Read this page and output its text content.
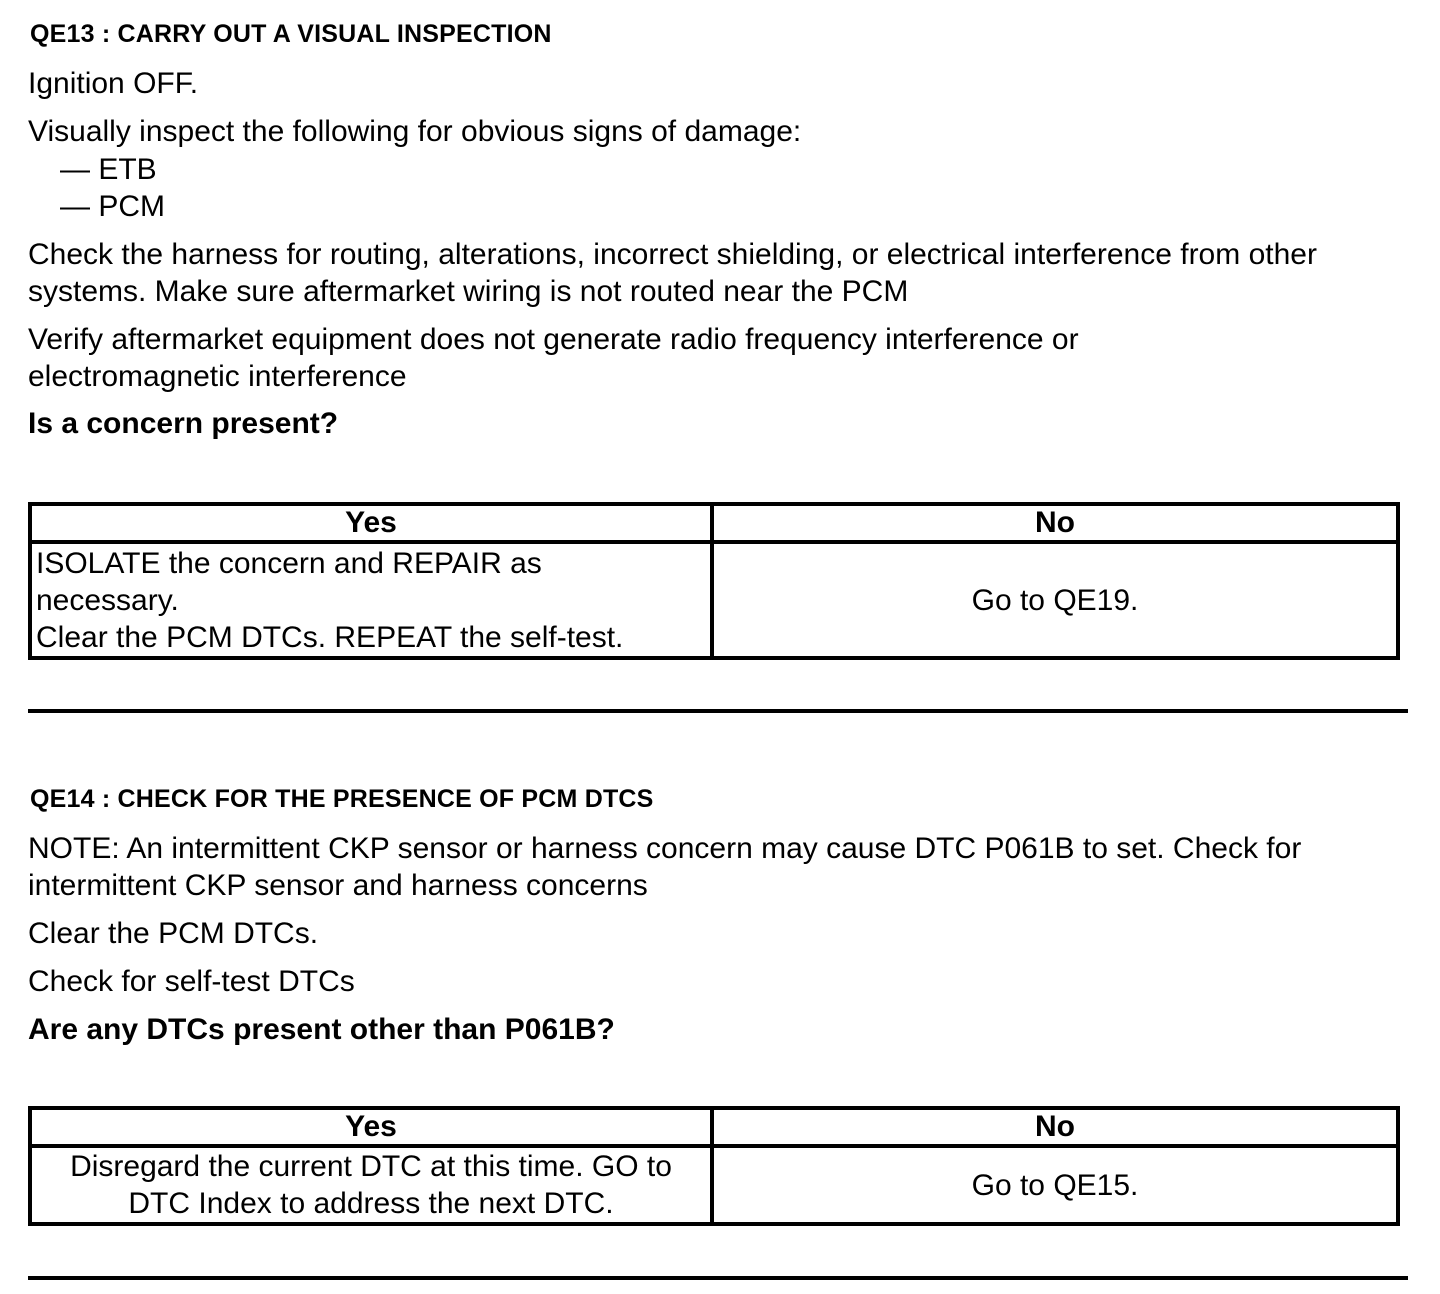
QE13 : CARRY OUT A VISUAL INSPECTION
Ignition OFF.
Visually inspect the following for obvious signs of damage:
— ETB
— PCM
Check the harness for routing, alterations, incorrect shielding, or electrical interference from other systems. Make sure aftermarket wiring is not routed near the PCM
Verify aftermarket equipment does not generate radio frequency interference or electromagnetic interference
Is a concern present?
Yes	No

ISOLATE the concern and REPAIR as necessary.
Clear the PCM DTCs. REPEAT the self-test.	Go to QE19.
QE14 : CHECK FOR THE PRESENCE OF PCM DTCS
NOTE: An intermittent CKP sensor or harness concern may cause DTC P061B to set. Check for intermittent CKP sensor and harness concerns
Clear the PCM DTCs.
Check for self-test DTCs
Are any DTCs present other than P061B?
Yes	No
Disregard the current DTC at this time. GO to DTC Index to address the next DTC.	Go to QE15.
